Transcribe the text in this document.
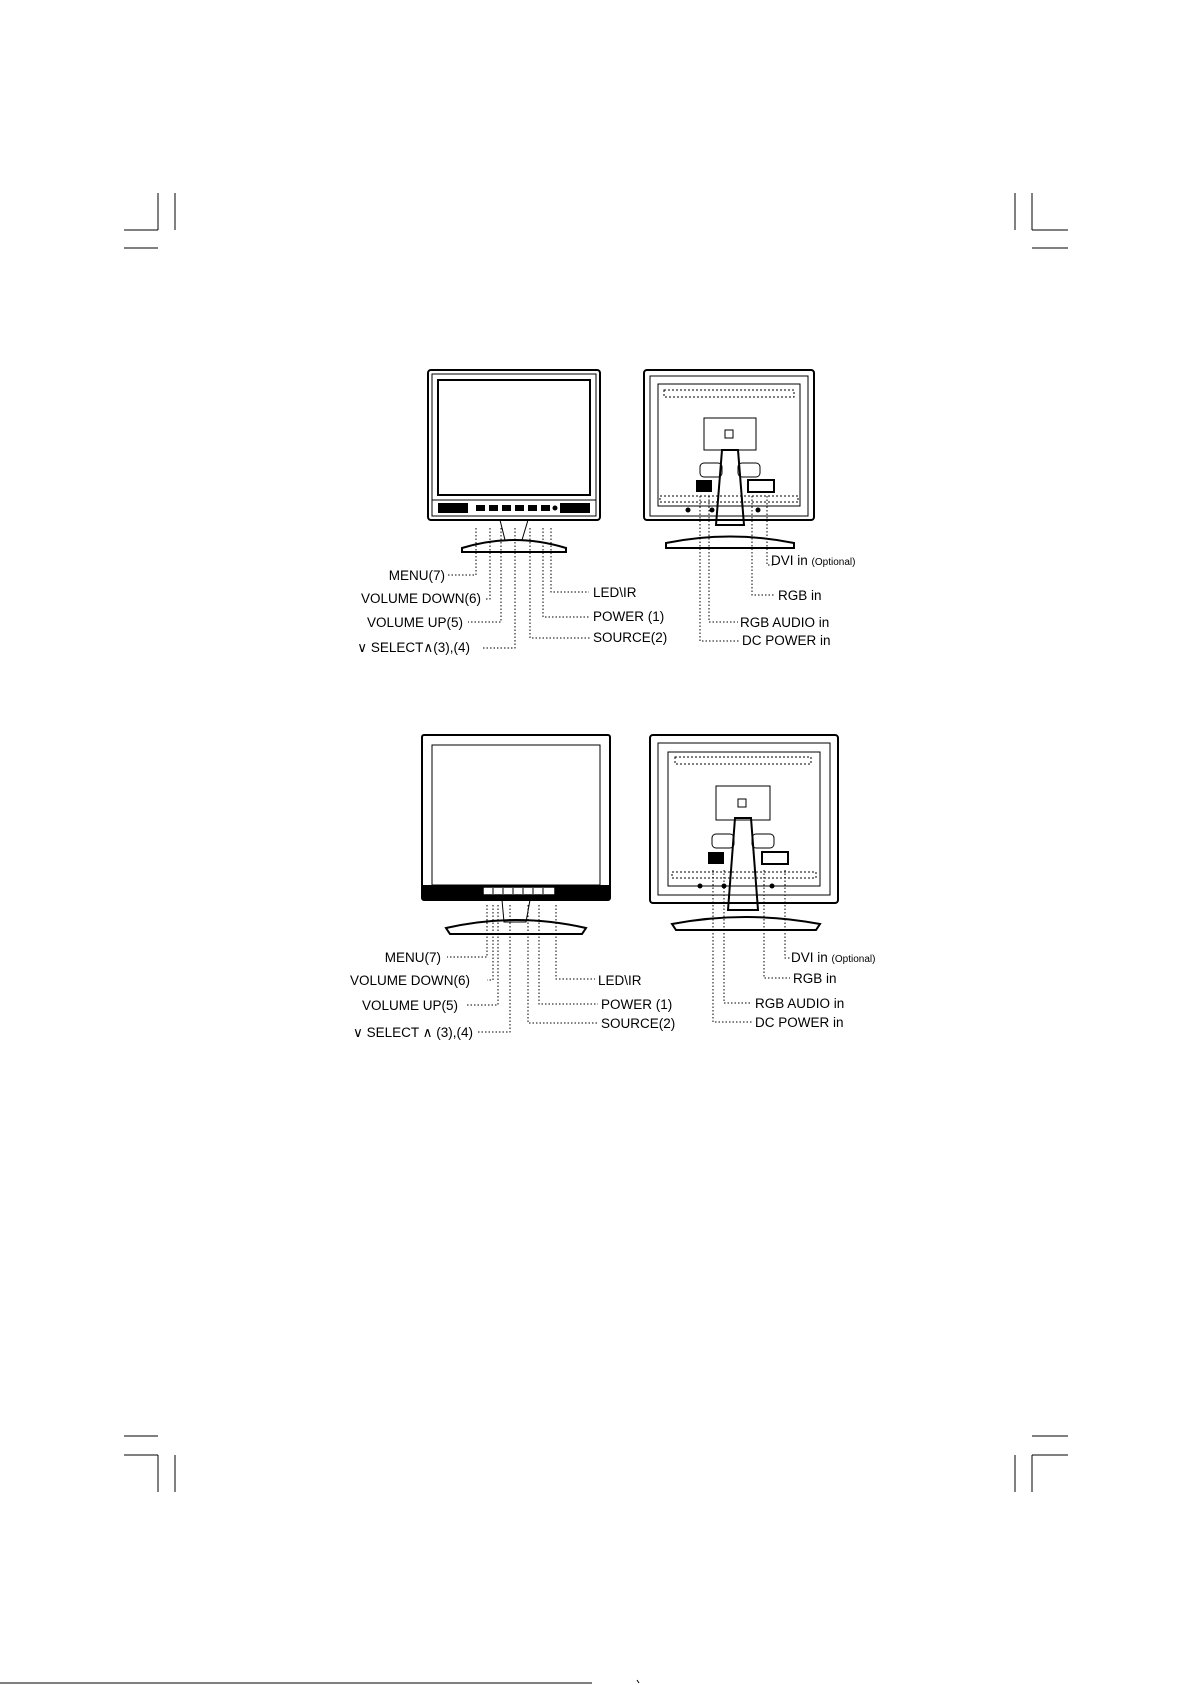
MENU(7)
VOLUME DOWN(6)
VOLUME UP(5)
∨ SELECT∧(3),(4)
LED\IR
POWER (1)
SOURCE(2)
DVI in (Optional)
RGB in
RGB AUDIO in
DC POWER in
MENU(7)
VOLUME DOWN(6)
VOLUME UP(5)
∨ SELECT ∧ (3),(4)
LED\IR
POWER (1)
SOURCE(2)
DVI in (Optional)
RGB in
RGB AUDIO in
DC POWER in
